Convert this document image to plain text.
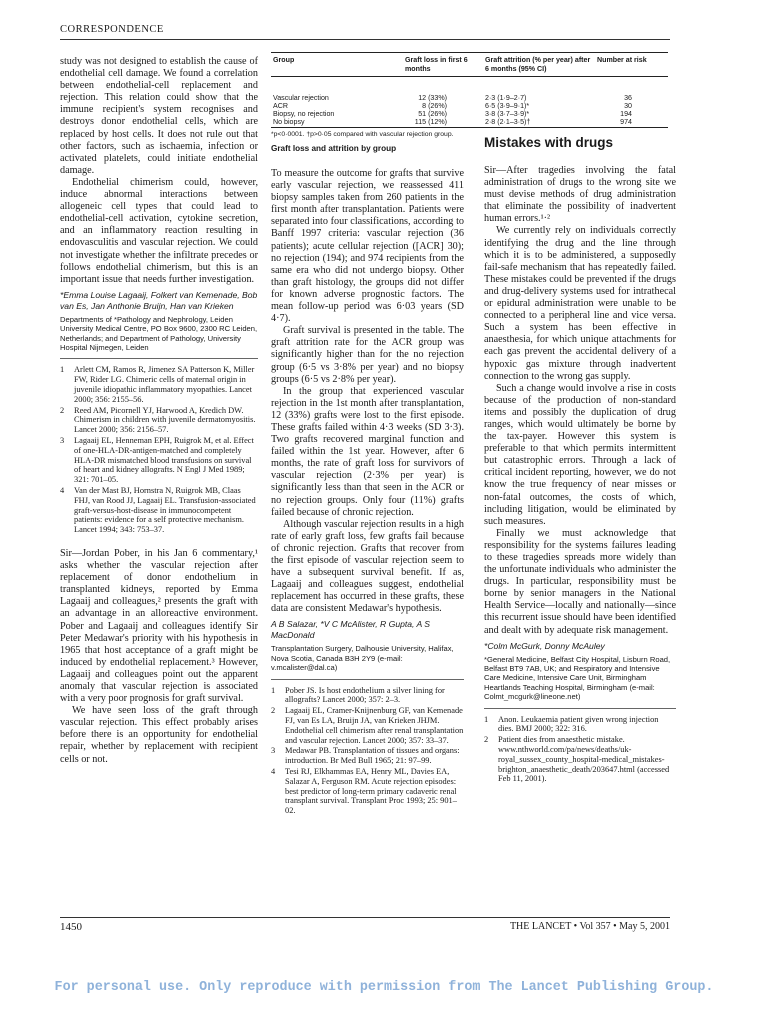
CORRESPONDENCE

study was not designed to establish the cause of endothelial cell damage. We found a correlation between endothelial-cell replacement and rejection. This relation could show that the immune recipient's system recognises and destroys donor endothelial cells, which are replaced by host cells. It does not rule out that other factors, such as ischaemia, infection or activated platelets, could initiate endothelial damage.

Endothelial chimerism could, however, induce abnormal interactions between allogeneic cell types that could lead to endothelial-cell activation, cytokine secretion, and an inflammatory reaction resulting in endovasculitis and vascular rejection. We could not investigate whether the infiltrate precedes or follows endothelial chimerism, but this is an important issue that needs further investigation.

*Emma Louise Lagaaij, Folkert van Kemenade, Bob van Es, Jan Anthonie Bruijn, Han van Krieken
Departments of *Pathology and Nephrology, Leiden University Medical Centre, PO Box 9600, 2300 RC Leiden, Netherlands; and Department of Pathology, University Hospital Nijmegen, Leiden
1 Arlett CM, Ramos R, Jimenez SA Patterson K, Miller FW, Rider LG. Chimeric cells of maternal origin in juvenile idiopathic inflammatory myopathies. Lancet 2000; 356: 2155–56.
2 Reed AM, Picornell YJ, Harwood A, Kredich DW. Chimerism in children with juvenile dermatomyositis. Lancet 2000; 356: 2156–57.
3 Lagaaij EL, Henneman EPH, Ruigrok M, et al. Effect of one-HLA-DR-antigen-matched and completely HLA-DR mismatched blood transfusions on survival of heart and kidney allografts. N Engl J Med 1989; 321: 701–05.
4 Van der Mast BJ, Hornstra N, Ruigrok MB, Claas FHJ, van Rood JJ, Lagaaij EL. Transfusion-associated graft-versus-host-disease in immunocompetent patients: evidence for a self protective mechanism. Lancet 1994; 343: 753–37.

Sir—Jordan Pober, in his Jan 6 commentary,¹ asks whether the vascular rejection after replacement of donor endothelium in transplanted kidneys, reported by Emma Lagaaij and colleagues,² presents the graft with an advantage in an alloreactive environment. Pober and Lagaaij and colleagues identify Sir Peter Medawar's priority with his hypothesis in 1965 that host acceptance of a graft might be induced by endothelial replacement.³ However, Lagaaij and colleagues point out the apparent anomaly that vascular rejection is associated with a very poor prognosis for graft survival.

We have seen loss of the graft through vascular rejection. This effect probably arises before there is an opportunity for endothelial repair, whether by replacement with recipient cells or not.

Group	Graft loss in first 6 months	Graft attrition (% per year) after 6 months (95% CI)	Number at risk

Vascular rejection	12 (33%)	2·3 (1·9–2·7)	36
ACR	8 (26%)	6·5 (3·9–9·1)*	30
Biopsy, no rejection	51 (26%)	3·8 (3·7–3·9)*	194
No biopsy	115 (12%)	2·8 (2·1–3·5)†	974
*p<0·0001. †p>0·05 compared with vascular rejection group.
Graft loss and attrition by group

To measure the outcome for grafts that survive early vascular rejection, we reassessed 411 biopsy samples taken from 260 patients in the first month after transplantation. Patients were separated into four classifications, according to Banff 1997 criteria: vascular rejection (36 patients); acute cellular rejection ([ACR] 30); no rejection (194); and 974 recipients from the same era who did not undergo biopsy. Other than graft histology, the groups did not differ for known adverse prognostic factors. The mean follow-up period was 6·03 years (SD 4·7).

Graft survival is presented in the table. The graft attrition rate for the ACR group was significantly higher than for the no rejection group (6·5 vs 3·8% per year) and no biopsy groups (6·5 vs 2·8% per year).

In the group that experienced vascular rejection in the 1st month after transplantation, 12 (33%) grafts were lost to the first episode. These grafts failed within 4·3 weeks (SD 3·3). Two grafts recovered marginal function and failed within the 1st year. However, after 6 months, the rate of graft loss for survivors of vascular rejection (2·3% per year) is significantly less than that seen in the ACR or no rejection groups. Only four (11%) grafts failed because of chronic rejection.

Although vascular rejection results in a high rate of early graft loss, few grafts fail because of chronic rejection. Grafts that recover from the first episode of vascular rejection seem to have a subsequent survival benefit. If as, Lagaaij and colleagues suggest, endothelial replacement has occurred in these grafts, these data are consistent Medawar's hypothesis.

A B Salazar, *V C McAlister, R Gupta, A S MacDonald
Transplantation Surgery, Dalhousie University, Halifax, Nova Scotia, Canada B3H 2Y9 (e-mail: v.mcalister@dal.ca)
1 Pober JS. Is host endothelium a silver lining for allografts? Lancet 2000; 357: 2–3.
2 Lagaaij EL, Cramer-Knijnenburg GF, van Kemenade FJ, van Es LA, Bruijn JA, van Krieken JHJM. Endothelial cell chimerism after renal transplantation and vascular rejection. Lancet 2000; 357: 33–37.
3 Medawar PB. Transplantation of tissues and organs: introduction. Br Med Bull 1965; 21: 97–99.
4 Tesi RJ, Elkhammas EA, Henry ML, Davies EA, Salazar A, Ferguson RM. Acute rejection episodes: best predictor of long-term primary cadaveric renal transplant survival. Transplant Proc 1993; 25: 901–02.
Mistakes with drugs

Sir—After tragedies involving the fatal administration of drugs to the wrong site we must devise methods of drug administration that eliminate the possibility of inadvertent human errors.¹·²

We currently rely on individuals correctly identifying the drug and the line through which it is to be administered, a supposedly fail-safe mechanism that has repeatedly failed. These mistakes could be prevented if the drugs and drug-delivery systems used for intrathecal or epidural administration were unable to be connected to a peripheral line and vice versa. Such a system has been effective in anaesthesia, for which unique attachments for each gas prevent the accidental delivery of a hypoxic gas mixture through inadvertent connection to the wrong gas supply.

Such a change would involve a rise in costs because of the production of non-standard items and possibly the duplication of drug ranges, which would ultimately be borne by the tax-payer. However this system is preferable to that which permits intermittent but catastrophic errors. Through a lack of critical incident reporting, however, we do not know the true frequency of near misses or non-fatal outcomes, the costs of which, including litigation, would be eliminated by such measures.

Finally we must acknowledge that responsibility for the systems failures leading to these tragedies spreads more widely than the unfortunate individuals who administer the drugs. In particular, responsibility must be borne by senior managers in the National Health Service—locally and nationally—since this recurrent issue should have been identified and dealt with by adequate risk management.

*Colm McGurk, Donny McAuley
*General Medicine, Belfast City Hospital, Lisburn Road, Belfast BT9 7AB, UK; and Respiratory and Intensive Care Medicine, Intensive Care Unit, Birmingham Heartlands Teaching Hospital, Birmingham (e-mail: Colmt_mcgurk@lineone.net)
1 Anon. Leukaemia patient given wrong injection dies. BMJ 2000; 322: 316.
2 Patient dies from anaesthetic mistake. www.nthworld.com/pa/news/deaths/uk-royal_sussex_county_hospital-medical_mistakes-brighton_anaesthetic_death/203647.html (accessed Feb 11, 2001).
1450	THE LANCET • Vol 357 • May 5, 2001
For personal use. Only reproduce with permission from The Lancet Publishing Group.
